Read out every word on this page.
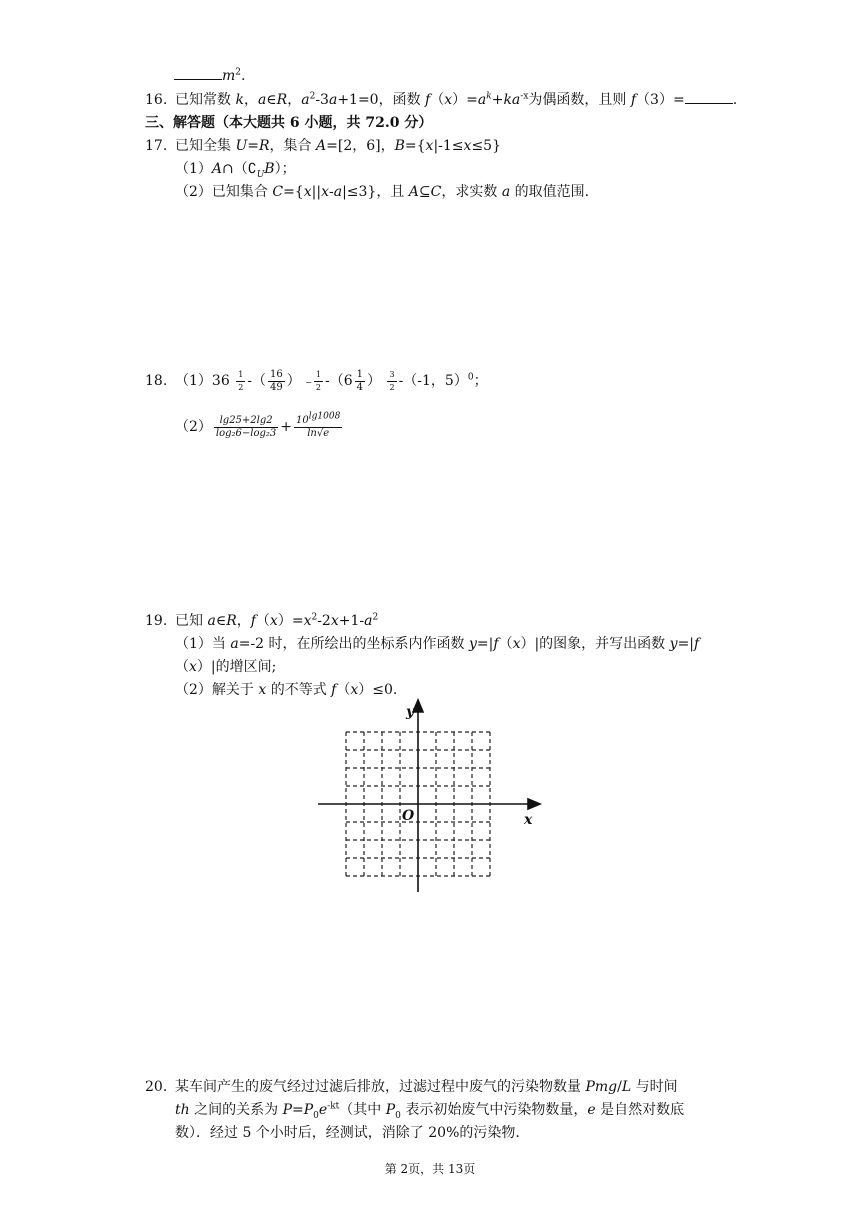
$m^2$.
16. 已知常数 k，a∈R，$a^2-3a+1=0$，函数 $f(x)=a^k+ka^{-x}$为偶函数，且则 f（3）=	.
三、解答题（本大题共 6 小题，共 72.0 分）
17. 已知全集 U=R，集合 A=[2，6]，B={x|-1≤x≤5}
$(1)A\cap(∁_UB)$；
（2）已知集合 C={x||x-a|≤3}，且 A⊆C，求实数 a 的取值范围.
18. $(1)36 \frac{1}{2}$ -（ $\frac{16}{49}$ ） − $\frac{1}{2} -(6 \frac{1}{4}$ ） $\frac{3}{2} -(-1$，5）$^0$；
$(2) \frac{\lg 25+2\lg 2}{\text{log₂6−log₂3}} + \frac{10^{lg1008}}{\ln√e}$
19. 已知 a∈R，$f(x)=x^2-2x+1-a^2$
（1）当 a=-2 时，在所绘出的坐标系内作函数 y=|f（x）|的图象，并写出函数 y=|f
（x）|的增区间;
（2）解关于 x 的不等式 f（x）≤0.
y
x
O
20. 某车间产生的废气经过过滤后排放，过滤过程中废气的污染物数量 Pmg/L 与时间
th 之间的关系为 $P=P_0e^{-kt}$（其中 $P_0$ 表示初始废气中污染物数量，e 是自然对数底
数）．经过 5 个小时后，经测试，消除了 20%的污染物.
第 2页，共 13页
